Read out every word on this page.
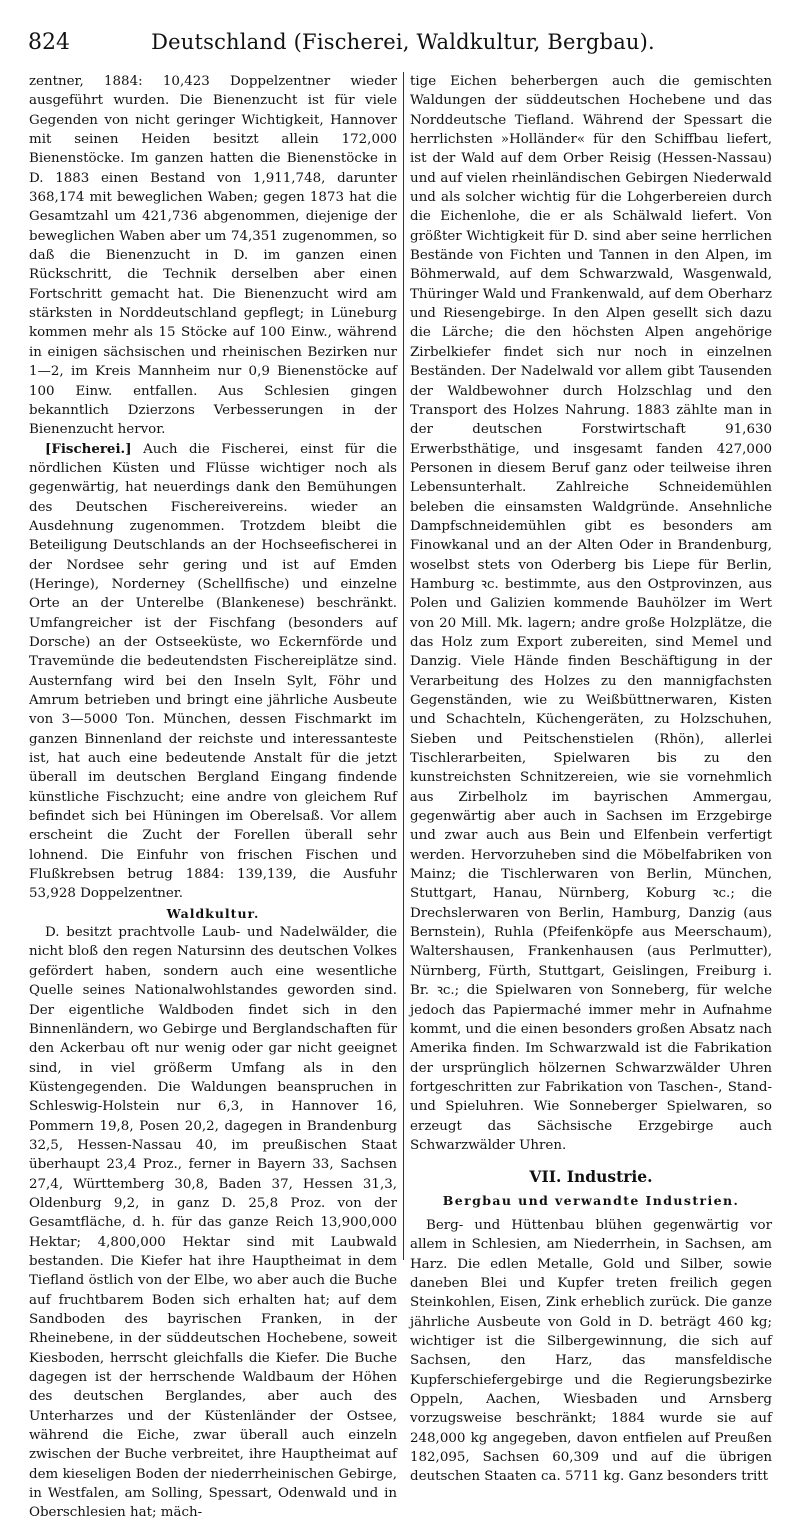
824	Deutschland (Fischerei, Waldkultur, Bergbau).

zentner, 1884: 10,423 Doppelzentner wieder ausgeführt wurden. Die Bienenzucht ist für viele Gegenden von nicht geringer Wichtigkeit, Hannover mit seinen Heiden besitzt allein 172,000 Bienenstöcke. Im ganzen hatten die Bienenstöcke in D. 1883 einen Bestand von 1,911,748, darunter 368,174 mit beweglichen Waben; gegen 1873 hat die Gesamtzahl um 421,736 abgenommen, diejenige der beweglichen Waben aber um 74,351 zugenommen, so daß die Bienenzucht in D. im ganzen einen Rückschritt, die Technik derselben aber einen Fortschritt gemacht hat. Die Bienenzucht wird am stärksten in Norddeutschland gepflegt; in Lüneburg kommen mehr als 15 Stöcke auf 100 Einw., während in einigen sächsischen und rheinischen Bezirken nur 1—2, im Kreis Mannheim nur 0,9 Bienenstöcke auf 100 Einw. entfallen. Aus Schlesien gingen bekanntlich Dzierzons Verbesserungen in der Bienenzucht hervor.

[Fischerei.] Auch die Fischerei, einst für die nördlichen Küsten und Flüsse wichtiger noch als gegenwärtig, hat neuerdings dank den Bemühungen des Deutschen Fischereivereins. wieder an Ausdehnung zugenommen. Trotzdem bleibt die Beteiligung Deutschlands an der Hochseefischerei in der Nordsee sehr gering und ist auf Emden (Heringe), Norderney (Schellfische) und einzelne Orte an der Unterelbe (Blankenese) beschränkt. Umfangreicher ist der Fischfang (besonders auf Dorsche) an der Ostseeküste, wo Eckernförde und Travemünde die bedeutendsten Fischereiplätze sind. Austernfang wird bei den Inseln Sylt, Föhr und Amrum betrieben und bringt eine jährliche Ausbeute von 3—5000 Ton. München, dessen Fischmarkt im ganzen Binnenland der reichste und interessanteste ist, hat auch eine bedeutende Anstalt für die jetzt überall im deutschen Bergland Eingang findende künstliche Fischzucht; eine andre von gleichem Ruf befindet sich bei Hüningen im Oberelsaß. Vor allem erscheint die Zucht der Forellen überall sehr lohnend. Die Einfuhr von frischen Fischen und Flußkrebsen betrug 1884: 139,139, die Ausfuhr 53,928 Doppelzentner.

Waldkultur.

D. besitzt prachtvolle Laub- und Nadelwälder, die nicht bloß den regen Natursinn des deutschen Volkes gefördert haben, sondern auch eine wesentliche Quelle seines Nationalwohlstandes geworden sind. Der eigentliche Waldboden findet sich in den Binnenländern, wo Gebirge und Berglandschaften für den Ackerbau oft nur wenig oder gar nicht geeignet sind, in viel größerm Umfang als in den Küstengegenden. Die Waldungen beanspruchen in Schleswig-Holstein nur 6,3, in Hannover 16, Pommern 19,8, Posen 20,2, dagegen in Brandenburg 32,5, Hessen-Nassau 40, im preußischen Staat überhaupt 23,4 Proz., ferner in Bayern 33, Sachsen 27,4, Württemberg 30,8, Baden 37, Hessen 31,3, Oldenburg 9,2, in ganz D. 25,8 Proz. von der Gesamtfläche, d. h. für das ganze Reich 13,900,000 Hektar; 4,800,000 Hektar sind mit Laubwald bestanden. Die Kiefer hat ihre Hauptheimat in dem Tiefland östlich von der Elbe, wo aber auch die Buche auf fruchtbarem Boden sich erhalten hat; auf dem Sandboden des bayrischen Franken, in der Rheinebene, in der süddeutschen Hochebene, soweit Kiesboden, herrscht gleichfalls die Kiefer. Die Buche dagegen ist der herrschende Waldbaum der Höhen des deutschen Berglandes, aber auch des Unterharzes und der Küstenländer der Ostsee, während die Eiche, zwar überall auch einzeln zwischen der Buche verbreitet, ihre Hauptheimat auf dem kieseligen Boden der niederrheinischen Gebirge, in Westfalen, am Solling, Spessart, Odenwald und in Oberschlesien hat; mäch-

tige Eichen beherbergen auch die gemischten Waldungen der süddeutschen Hochebene und das Norddeutsche Tiefland. Während der Spessart die herrlichsten »Holländer« für den Schiffbau liefert, ist der Wald auf dem Orber Reisig (Hessen-Nassau) und auf vielen rheinländischen Gebirgen Niederwald und als solcher wichtig für die Lohgerbereien durch die Eichenlohe, die er als Schälwald liefert. Von größter Wichtigkeit für D. sind aber seine herrlichen Bestände von Fichten und Tannen in den Alpen, im Böhmerwald, auf dem Schwarzwald, Wasgenwald, Thüringer Wald und Frankenwald, auf dem Oberharz und Riesengebirge. In den Alpen gesellt sich dazu die Lärche; die den höchsten Alpen angehörige Zirbelkiefer findet sich nur noch in einzelnen Beständen. Der Nadelwald vor allem gibt Tausenden der Waldbewohner durch Holzschlag und den Transport des Holzes Nahrung. 1883 zählte man in der deutschen Forstwirtschaft 91,630 Erwerbsthätige, und insgesamt fanden 427,000 Personen in diesem Beruf ganz oder teilweise ihren Lebensunterhalt. Zahlreiche Schneidemühlen beleben die einsamsten Waldgründe. Ansehnliche Dampfschneidemühlen gibt es besonders am Finowkanal und an der Alten Oder in Brandenburg, woselbst stets von Oderberg bis Liepe für Berlin, Hamburg ꝛc. bestimmte, aus den Ostprovinzen, aus Polen und Galizien kommende Bauhölzer im Wert von 20 Mill. Mk. lagern; andre große Holzplätze, die das Holz zum Export zubereiten, sind Memel und Danzig. Viele Hände finden Beschäftigung in der Verarbeitung des Holzes zu den mannigfachsten Gegenständen, wie zu Weißbüttnerwaren, Kisten und Schachteln, Küchengeräten, zu Holzschuhen, Sieben und Peitschenstielen (Rhön), allerlei Tischlerarbeiten, Spielwaren bis zu den kunstreichsten Schnitzereien, wie sie vornehmlich aus Zirbelholz im bayrischen Ammergau, gegenwärtig aber auch in Sachsen im Erzgebirge und zwar auch aus Bein und Elfenbein verfertigt werden. Hervorzuheben sind die Möbelfabriken von Mainz; die Tischlerwaren von Berlin, München, Stuttgart, Hanau, Nürnberg, Koburg ꝛc.; die Drechslerwaren von Berlin, Hamburg, Danzig (aus Bernstein), Ruhla (Pfeifenköpfe aus Meerschaum), Waltershausen, Frankenhausen (aus Perlmutter), Nürnberg, Fürth, Stuttgart, Geislingen, Freiburg i. Br. ꝛc.; die Spielwaren von Sonneberg, für welche jedoch das Papiermaché immer mehr in Aufnahme kommt, und die einen besonders großen Absatz nach Amerika finden. Im Schwarzwald ist die Fabrikation der ursprünglich hölzernen Schwarzwälder Uhren fortgeschritten zur Fabrikation von Taschen-, Stand- und Spieluhren. Wie Sonneberger Spielwaren, so erzeugt das Sächsische Erzgebirge auch Schwarzwälder Uhren.

VII. Industrie.

Bergbau und verwandte Industrien.

Berg- und Hüttenbau blühen gegenwärtig vor allem in Schlesien, am Niederrhein, in Sachsen, am Harz. Die edlen Metalle, Gold und Silber, sowie daneben Blei und Kupfer treten freilich gegen Steinkohlen, Eisen, Zink erheblich zurück. Die ganze jährliche Ausbeute von Gold in D. beträgt 460 kg; wichtiger ist die Silbergewinnung, die sich auf Sachsen, den Harz, das mansfeldische Kupferschiefergebirge und die Regierungsbezirke Oppeln, Aachen, Wiesbaden und Arnsberg vorzugsweise beschränkt; 1884 wurde sie auf 248,000 kg angegeben, davon entfielen auf Preußen 182,095, Sachsen 60,309 und auf die übrigen deutschen Staaten ca. 5711 kg. Ganz besonders tritt
